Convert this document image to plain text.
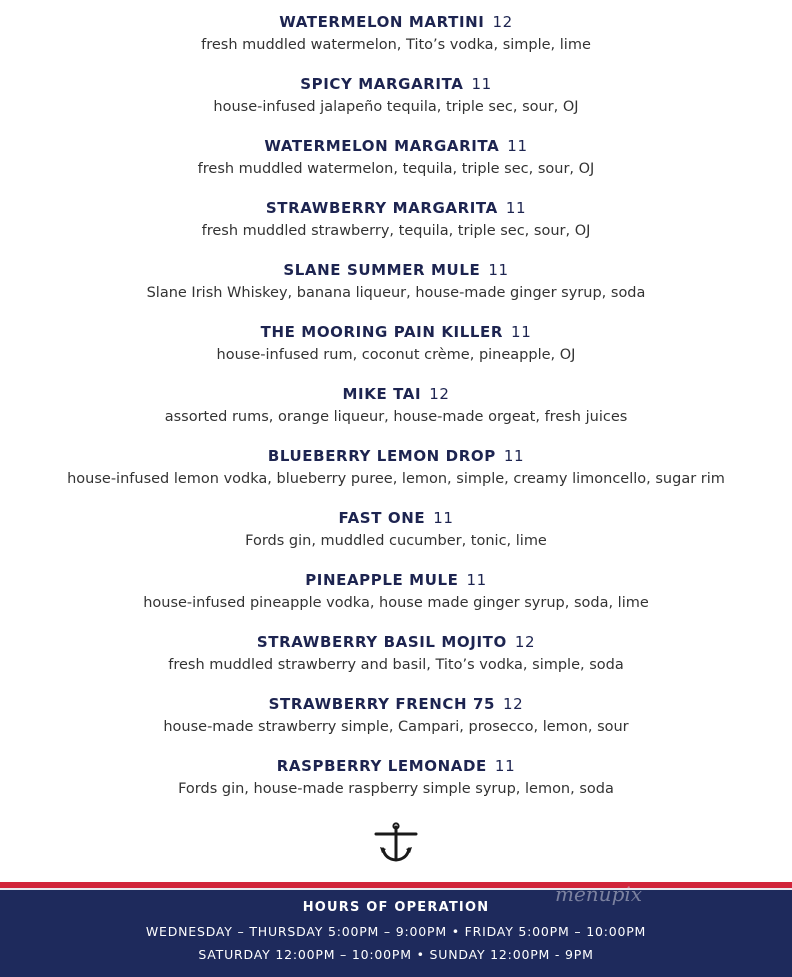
WATERMELON MARTINI 12
fresh muddled watermelon, Tito’s vodka, simple, lime
SPICY MARGARITA 11
house-infused jalapeño tequila, triple sec, sour, OJ
WATERMELON MARGARITA 11
fresh muddled watermelon, tequila, triple sec, sour, OJ
STRAWBERRY MARGARITA 11
fresh muddled strawberry, tequila, triple sec, sour, OJ
SLANE SUMMER MULE 11
Slane Irish Whiskey, banana liqueur, house-made ginger syrup, soda
THE MOORING PAIN KILLER 11
house-infused rum, coconut crème, pineapple, OJ
MIKE TAI 12
assorted rums, orange liqueur, house-made orgeat, fresh juices
BLUEBERRY LEMON DROP 11
house-infused lemon vodka, blueberry puree, lemon, simple, creamy limoncello, sugar rim
FAST ONE 11
Fords gin, muddled cucumber, tonic, lime
PINEAPPLE MULE 11
house-infused pineapple vodka, house made ginger syrup, soda, lime
STRAWBERRY BASIL MOJITO 12
fresh muddled strawberry and basil, Tito’s vodka, simple, soda
STRAWBERRY FRENCH 75 12
house-made strawberry simple, Campari, prosecco, lemon, sour
RASPBERRY LEMONADE 11
Fords gin, house-made raspberry simple syrup, lemon, soda
HOURS OF OPERATION
WEDNESDAY – THURSDAY 5:00PM – 9:00PM • FRIDAY 5:00PM – 10:00PM
SATURDAY 12:00PM – 10:00PM • SUNDAY 12:00PM - 9PM
menupix
